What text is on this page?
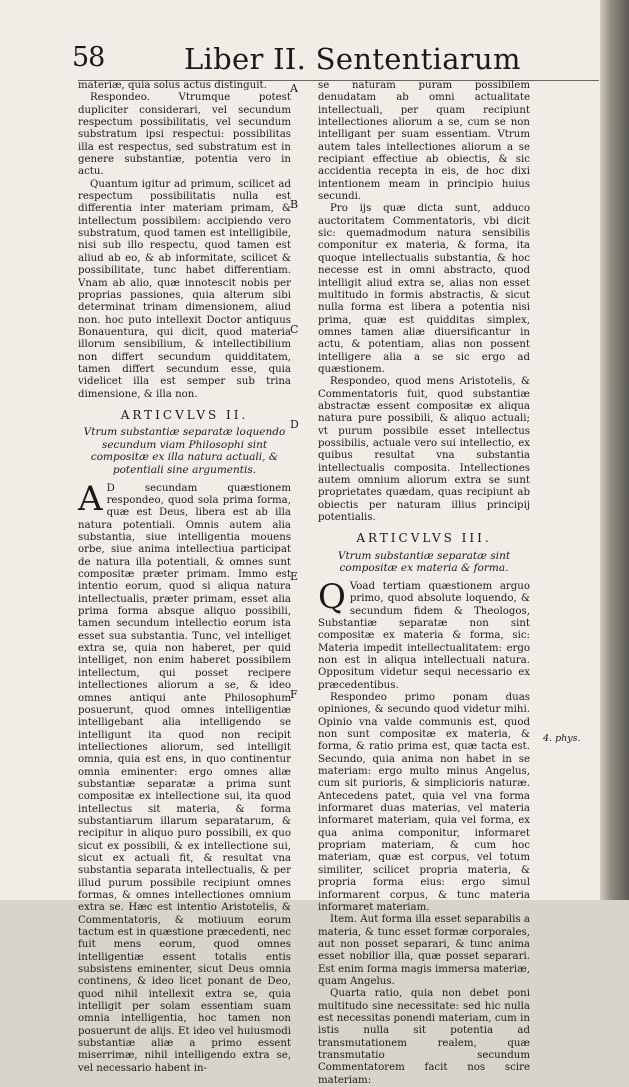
58	Liber II. Sententiarum

materiæ, quia solus actus distinguit.

Respondeo. Vtrumque potest dupliciter considerari, vel secundum respectum possibilitatis, vel secundum substratum ipsi respectui: possibilitas illa est respectus, sed substratum est in genere substantiæ, potentia vero in actu.

Quantum igitur ad primum, scilicet ad respectum possibilitatis nulla est differentia inter materiam primam, & intellectum possibilem: accipiendo vero substratum, quod tamen est intelligibile, nisi sub illo respectu, quod tamen est aliud ab eo, & ab informitate, scilicet & possibilitate, tunc habet differentiam. Vnam ab alio, quæ innotescit nobis per proprias passiones, quia alterum sibi determinat trinam dimensionem, aliud non. hoc puto intellexit Doctor antiquus Bonauentura, qui dicit, quod materia illorum sensibilium, & intellectibilium non differt secundum quidditatem, tamen differt secundum esse, quia videlicet illa est semper sub trina dimensione, & illa non.

ARTICVLVS II.
Vtrum substantiæ separatæ loquendo secundum viam Philosophi sint compositæ ex illa natura actuali, & potentiali sine argumentis.

A D secundam quæstionem respondeo, quod sola prima forma, quæ est Deus, libera est ab illa natura potentiali. Omnis autem alia substantia, siue intelligentia mouens orbe, siue anima intellectiua participat de natura illa potentiali, & omnes sunt compositæ præter primam. Immo est intentio eorum, quod si aliqua natura intellectualis, præter primam, esset alia prima forma absque aliquo possibili, tamen secundum intellectio eorum ista esset sua substantia. Tunc, vel intelliget extra se, quia non haberet, per quid intelliget, non enim haberet possibilem intellectum, qui posset recipere intellectiones aliorum a se, & ideo omnes antiqui ante Philosophum posuerunt, quod omnes intelligentiæ intelligebant alia intelligendo se intelligunt ita quod non recipit intellectiones aliorum, sed intelligit omnia, quia est ens, in quo continentur omnia eminenter: ergo omnes aliæ substantiæ separatæ a prima sunt compositæ ex intellectione sui, ita quod intellectus sit materia, & forma substantiarum illarum separatarum, & recipitur in aliquo puro possibili, ex quo sicut ex possibili, & ex intellectione sui, sicut ex actuali fit, & resultat vna substantia separata intellectualis, & per illud purum possibile recipiunt omnes formas, & omnes intellectiones omnium extra se. Hæc est intentio Aristotelis, & Commentatoris, & motiuum eorum tactum est in quæstione præcedenti, nec fuit mens eorum, quod omnes intelligentiæ essent totalis entis subsistens eminenter, sicut Deus omnia continens, & ideo licet ponant de Deo, quod nihil intellexit extra se, quia intelligit per solam essentiam suam omnia intelligentia, hoc tamen non posuerunt de alijs. Et ideo vel huiusmodi substantiæ aliæ a primo essent miserrimæ, nihil intelligendo extra se, vel necessario habent in-

se naturam puram possibilem denudatam ab omni actualitate intellectuali, per quam recipiunt intellectiones aliorum a se, cum se non intelligant per suam essentiam. Vtrum autem tales intellectiones aliorum a se recipiant effectiue ab obiectis, & sic accidentia recepta in eis, de hoc dixi intentionem meam in principio huius secundi.

Pro ijs quæ dicta sunt, adduco auctoritatem Commentatoris, vbi dicit sic: quemadmodum natura sensibilis componitur ex materia, & forma, ita quoque intellectualis substantia, & hoc necesse est in omni abstracto, quod intelligit aliud extra se, alias non esset multitudo in formis abstractis, & sicut nulla forma est libera a potentia nisi prima, quæ est quidditas simplex, omnes tamen aliæ diuersificantur in actu, & potentiam, alias non possent intelligere alia a se sic ergo ad quæstionem.

Respondeo, quod mens Aristotelis, & Commentatoris fuit, quod substantiæ abstractæ essent compositæ ex aliqua natura pure possibili, & aliquo actuali; vt purum possibile esset intellectus possibilis, actuale vero sui intellectio, ex quibus resultat vna substantia intellectualis composita. Intellectiones autem omnium aliorum extra se sunt proprietates quædam, quas recipiunt ab obiectis per naturam illius principij potentialis.

ARTICVLVS III.
Vtrum substantiæ separatæ sint compositæ ex materia & forma.

Q Voad tertiam quæstionem arguo primo, quod absolute loquendo, & secundum fidem & Theologos, Substantiæ separatæ non sint compositæ ex materia & forma, sic: Materia impedit intellectualitatem: ergo non est in aliqua intellectuali natura. Oppositum videtur sequi necessario ex præcedentibus.

Respondeo primo ponam duas opiniones, & secundo quod videtur mihi. Opinio vna valde communis est, quod non sunt compositæ ex materia, & forma, & ratio prima est, quæ tacta est. Secundo, quia anima non habet in se materiam: ergo multo minus Angelus, cum sit purioris, & simplicioris naturæ. Antecedens patet, quia vel vna forma informaret duas materias, vel materia informaret materiam, quia vel forma, ex qua anima componitur, informaret propriam materiam, & cum hoc materiam, quæ est corpus, vel totum similiter, scilicet propria materia, & propria forma eius: ergo simul informarent corpus, & tunc materia informaret materiam.

Item. Aut forma illa esset separabilis a materia, & tunc esset formæ corporales, aut non posset separari, & tunc anima esset nobilior illa, quæ posset separari. Est enim forma magis immersa materiæ, quam Angelus.

Quarta ratio, quia non debet poni multitudo sine necessitate: sed hic nulla est necessitas ponendi materiam, cum in istis nulla sit potentia ad transmutationem realem, quæ transmutatio secundum Commentatorem facit nos scire materiam:

A
B
C
D
E
F
4. phys.
